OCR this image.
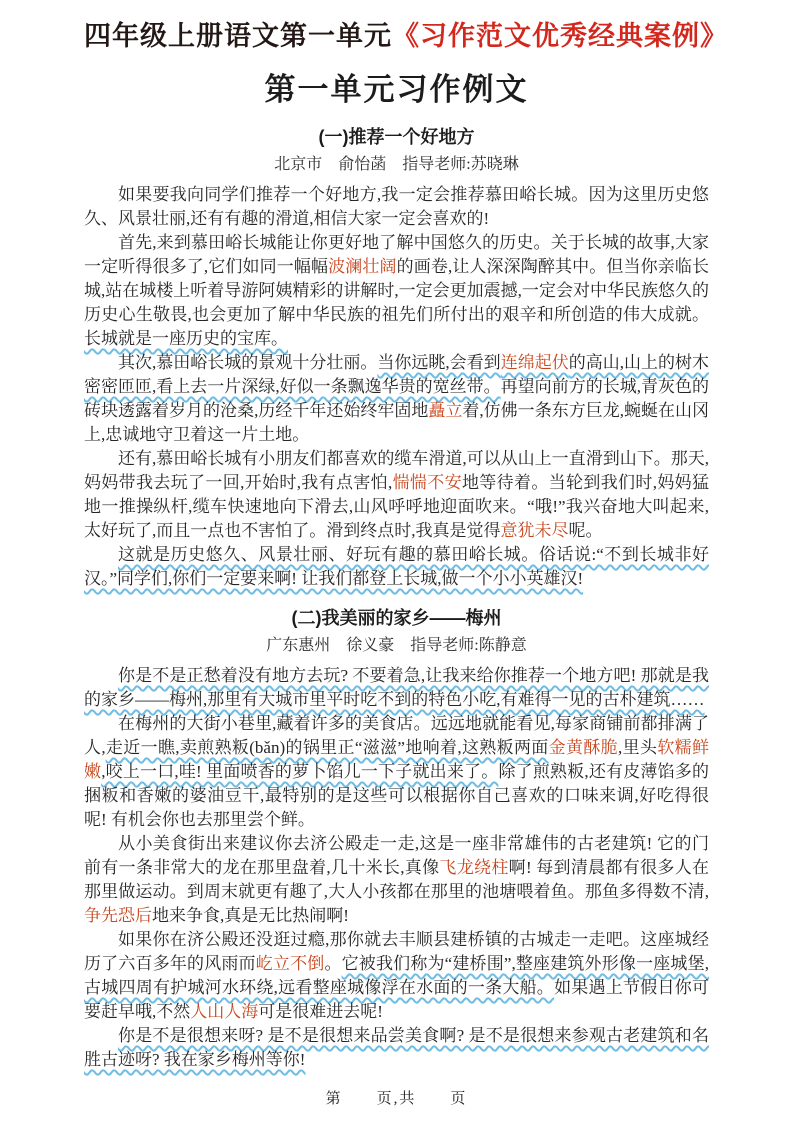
四年级上册语文第一单元《习作范文优秀经典案例》
第一单元习作例文
(一)推荐一个好地方
北京市　俞怡菡　指导老师:苏晓琳

如果要我向同学们推荐一个好地方,我一定会推荐慕田峪长城。因为这里历史悠久、风景壮丽,还有有趣的滑道,相信大家一定会喜欢的!

首先,来到慕田峪长城能让你更好地了解中国悠久的历史。关于长城的故事,大家一定听得很多了,它们如同一幅幅波澜壮阔的画卷,让人深深陶醉其中。但当你亲临长城,站在城楼上听着导游阿姨精彩的讲解时,一定会更加震撼,一定会对中华民族悠久的历史心生敬畏,也会更加了解中华民族的祖先们所付出的艰辛和所创造的伟大成就。长城就是一座历史的宝库。

其次,慕田峪长城的景观十分壮丽。当你远眺,会看到连绵起伏的高山,山上的树木密密匝匝,看上去一片深绿,好似一条飘逸华贵的宽丝带。再望向前方的长城,青灰色的砖块透露着岁月的沧桑,历经千年还始终牢固地矗立着,仿佛一条东方巨龙,蜿蜒在山冈上,忠诚地守卫着这一片土地。

还有,慕田峪长城有小朋友们都喜欢的缆车滑道,可以从山上一直滑到山下。那天,妈妈带我去玩了一回,开始时,我有点害怕,惴惴不安地等待着。当轮到我们时,妈妈猛地一推操纵杆,缆车快速地向下滑去,山风呼呼地迎面吹来。“哦!”我兴奋地大叫起来,太好玩了,而且一点也不害怕了。滑到终点时,我真是觉得意犹未尽呢。

这就是历史悠久、风景壮丽、好玩有趣的慕田峪长城。俗话说:“不到长城非好汉。”同学们,你们一定要来啊! 让我们都登上长城,做一个小小英雄汉!

(二)我美丽的家乡——梅州
广东惠州　徐义豪　指导老师:陈静意

你是不是正愁着没有地方去玩? 不要着急,让我来给你推荐一个地方吧! 那就是我的家乡——梅州,那里有大城市里平时吃不到的特色小吃,有难得一见的古朴建筑……

在梅州的大街小巷里,藏着许多的美食店。远远地就能看见,每家商铺前都排满了人,走近一瞧,卖煎熟粄(bǎn)的锅里正“滋滋”地响着,这熟粄两面金黄酥脆,里头软糯鲜嫩,咬上一口,哇! 里面喷香的萝卜馅儿一下子就出来了。除了煎熟粄,还有皮薄馅多的捆粄和香嫩的婆油豆干,最特别的是这些可以根据你自己喜欢的口味来调,好吃得很呢! 有机会你也去那里尝个鲜。

从小美食街出来建议你去济公殿走一走,这是一座非常雄伟的古老建筑! 它的门前有一条非常大的龙在那里盘着,几十米长,真像飞龙绕柱啊! 每到清晨都有很多人在那里做运动。到周末就更有趣了,大人小孩都在那里的池塘喂着鱼。那鱼多得数不清,争先恐后地来争食,真是无比热闹啊!

如果你在济公殿还没逛过瘾,那你就去丰顺县建桥镇的古城走一走吧。这座城经历了六百多年的风雨而屹立不倒。它被我们称为“建桥围”,整座建筑外形像一座城堡,古城四周有护城河水环绕,远看整座城像浮在水面的一条大船。如果遇上节假日你可要赶早哦,不然人山人海可是很难进去呢!

你是不是很想来呀? 是不是很想来品尝美食啊? 是不是很想来参观古老建筑和名胜古迹呀? 我在家乡梅州等你!

第　　页,共　　页
